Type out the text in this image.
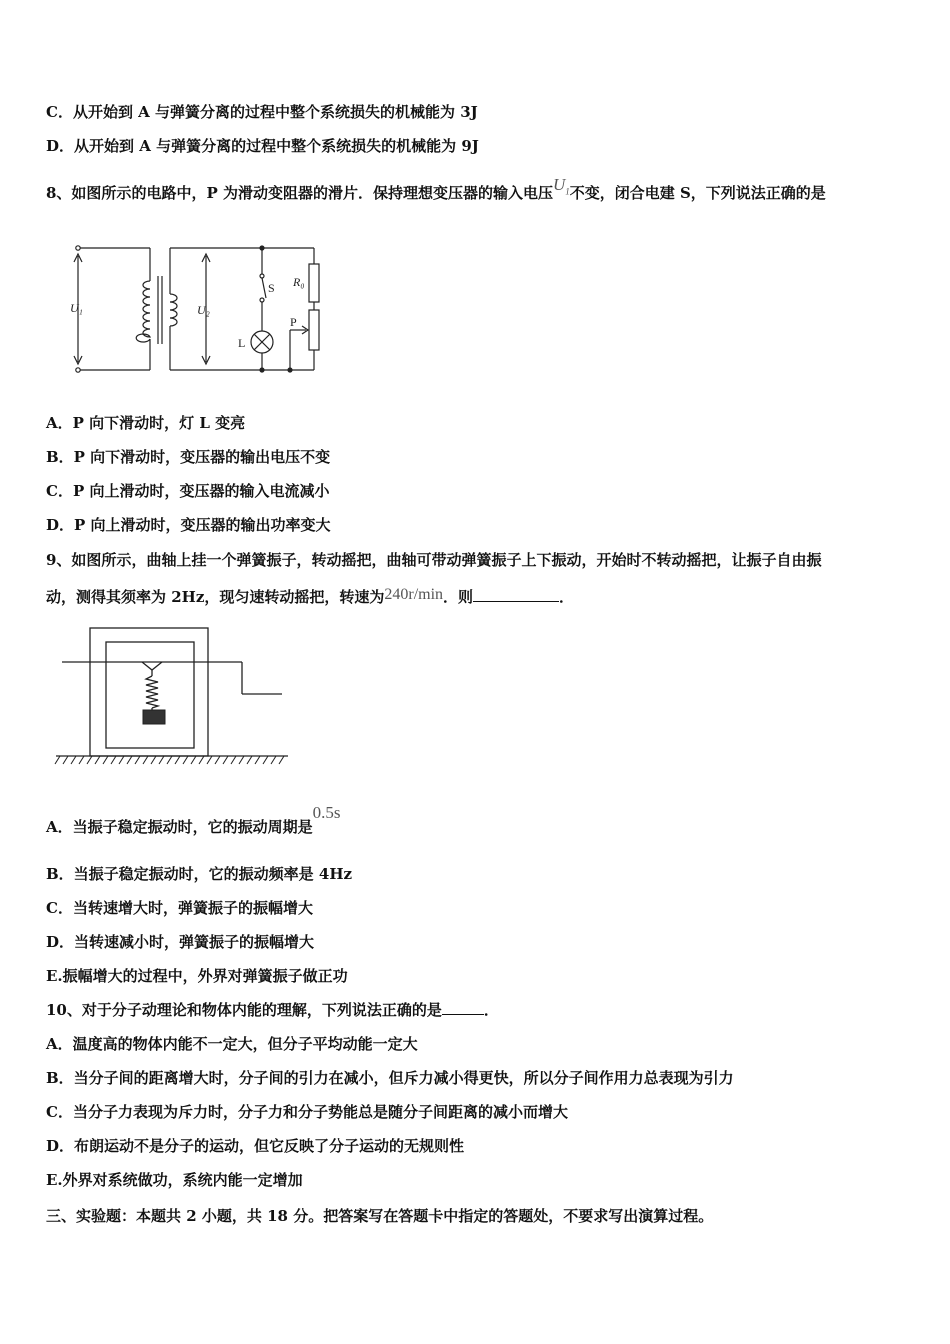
C．从开始到 A 与弹簧分离的过程中整个系统损失的机械能为 3J
D．从开始到 A 与弹簧分离的过程中整个系统损失的机械能为 9J
8、如图所示的电路中，P 为滑动变阻器的滑片．保持理想变压器的输入电压$U_1$不变，闭合电建 S，下列说法正确的是
U₁	U₂
S R₀
P
L
A．P 向下滑动时，灯 L 变亮
B．P 向下滑动时，变压器的输出电压不变
C．P 向上滑动时，变压器的输入电流减小
D．P 向上滑动时，变压器的输出功率变大
9、如图所示，曲轴上挂一个弹簧振子，转动摇把，曲轴可带动弹簧振子上下振动，开始时不转动摇把，让振子自由振
动，测得其须率为 2Hz，现匀速转动摇把，转速为240r/min．则	．
A．当振子稳定振动时，它的振动周期是0.5s
B．当振子稳定振动时，它的振动频率是 4Hz
C．当转速增大时，弹簧振子的振幅增大
D．当转速减小时，弹簧振子的振幅增大
E.振幅增大的过程中，外界对弹簧振子做正功
10、对于分子动理论和物体内能的理解，下列说法正确的是	．
A．温度高的物体内能不一定大，但分子平均动能一定大
B．当分子间的距离增大时，分子间的引力在减小，但斥力减小得更快，所以分子间作用力总表现为引力
C．当分子力表现为斥力时，分子力和分子势能总是随分子间距离的减小而增大
D．布朗运动不是分子的运动，但它反映了分子运动的无规则性
E.外界对系统做功，系统内能一定增加
三、实验题：本题共 2 小题，共 18 分。把答案写在答题卡中指定的答题处，不要求写出演算过程。
